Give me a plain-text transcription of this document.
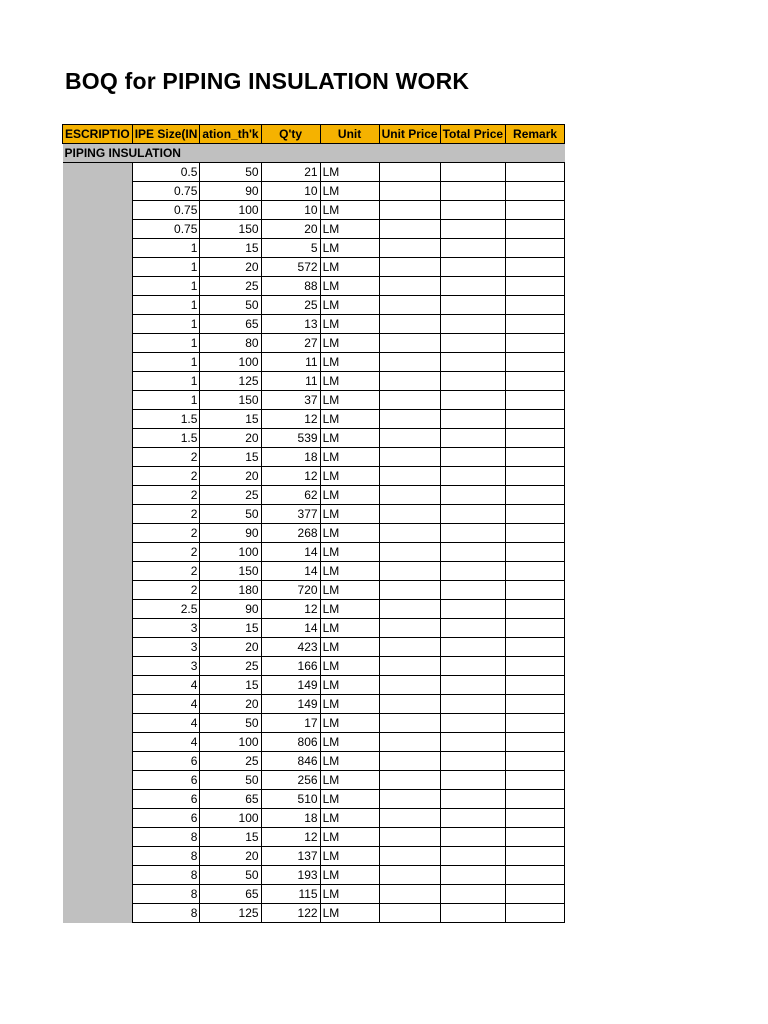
BOQ for PIPING INSULATION WORK
ESCRIPTIO	IPE Size(IN	ation_th'k	Q'ty	Unit	Unit Price	Total Price	Remark
PIPING INSULATION							
	0.5	50	21	LM			
	0.75	90	10	LM			
	0.75	100	10	LM			
	0.75	150	20	LM			
	1	15	5	LM			
	1	20	572	LM			
	1	25	88	LM			
	1	50	25	LM			
	1	65	13	LM			
	1	80	27	LM			
	1	100	11	LM			
	1	125	11	LM			
	1	150	37	LM			
	1.5	15	12	LM			
	1.5	20	539	LM			
	2	15	18	LM			
	2	20	12	LM			
	2	25	62	LM			
	2	50	377	LM			
	2	90	268	LM			
	2	100	14	LM			
	2	150	14	LM			
	2	180	720	LM			
	2.5	90	12	LM			
	3	15	14	LM			
	3	20	423	LM			
	3	25	166	LM			
	4	15	149	LM			
	4	20	149	LM			
	4	50	17	LM			
	4	100	806	LM			
	6	25	846	LM			
	6	50	256	LM			
	6	65	510	LM			
	6	100	18	LM			
	8	15	12	LM			
	8	20	137	LM			
	8	50	193	LM			
	8	65	115	LM			
	8	125	122	LM			
